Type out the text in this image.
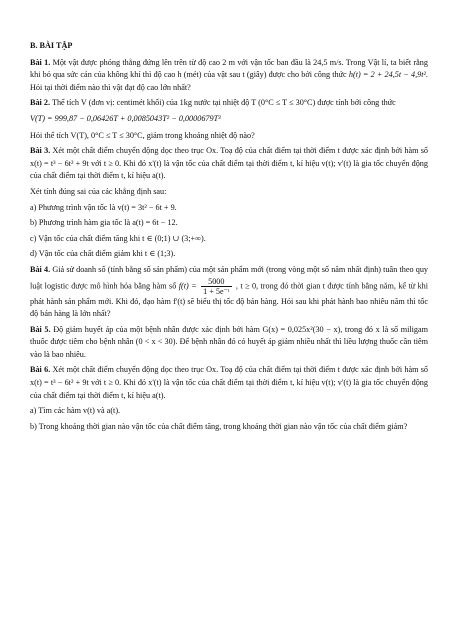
B. BÀI TẬP
Bài 1. Một vật được phóng thẳng đứng lên trên từ độ cao 2 m với vận tốc ban đầu là 24,5 m/s. Trong Vật lí, ta biết rằng khi bỏ qua sức cản của không khí thì độ cao h (mét) của vật sau t (giây) được cho bởi công thức h(t) = 2 + 24,5t − 4,9t². Hỏi tại thời điểm nào thì vật đạt độ cao lớn nhất?
Bài 2. Thể tích V (đơn vị: centimét khối) của 1kg nước tại nhiệt độ T (0°C ≤ T ≤ 30°C) được tính bởi công thức
V(T) = 999,87 − 0,06426T + 0,0085043T² − 0,0000679T³
Hỏi thể tích V(T), 0°C ≤ T ≤ 30°C, giảm trong khoảng nhiệt độ nào?
Bài 3. Xét một chất điểm chuyển động dọc theo trục Ox. Toạ độ của chất điểm tại thời điểm t được xác định bởi hàm số x(t) = t³ − 6t² + 9t với t ≥ 0. Khi đó x'(t) là vận tốc của chất điểm tại thời điểm t, kí hiệu v(t); v'(t) là gia tốc chuyển động của chất điểm tại thời điểm t, kí hiệu a(t).
Xét tính đúng sai của các khẳng định sau:
a) Phương trình vận tốc là v(t) = 3t² − 6t + 9.
b) Phương trình hàm gia tốc là a(t) = 6t − 12.
c) Vận tốc của chất điểm tăng khi t ∈ (0;1) ∪ (3;+∞).
d) Vận tốc của chất điểm giảm khi t ∈ (1;3).
Bài 4. Giả sử doanh số (tính bằng số sản phẩm) của một sản phẩm mới (trong vòng một số năm nhất định) tuân theo quy luật logistic được mô hình hóa bằng hàm số $f(t) = \frac{5000}{\text{1 + 5e⁻ᵗ}}$ , t ≥ 0, trong đó thời gian t được tính bằng năm, kể từ khi phát hành sản phẩm mới. Khi đó, đạo hàm f'(t) sẽ biểu thị tốc độ bán hàng. Hỏi sau khi phát hành bao nhiêu năm thì tốc độ bán hàng là lớn nhất?
Bài 5. Độ giảm huyết áp của một bệnh nhân được xác định bởi hàm G(x) = 0,025x²(30 − x), trong đó x là số miligam thuốc được tiêm cho bệnh nhân (0 < x < 30). Để bệnh nhân đó có huyết áp giảm nhiều nhất thì liều lượng thuốc cần tiêm vào là bao nhiêu.
Bài 6. Xét một chất điểm chuyển động dọc theo trục Ox. Toạ độ của chất điểm tại thời điểm t được xác định bởi hàm số x(t) = t³ − 6t² + 9t với t ≥ 0. Khi đó x'(t) là vận tốc của chất điểm tại thời điểm t, kí hiệu v(t); v'(t) là gia tốc chuyển động của chất điểm tại thời điểm t, kí hiệu a(t).
a) Tìm các hàm v(t) và a(t).
b) Trong khoảng thời gian nào vận tốc của chất điểm tăng, trong khoảng thời gian nào vận tốc của chất điểm giảm?
